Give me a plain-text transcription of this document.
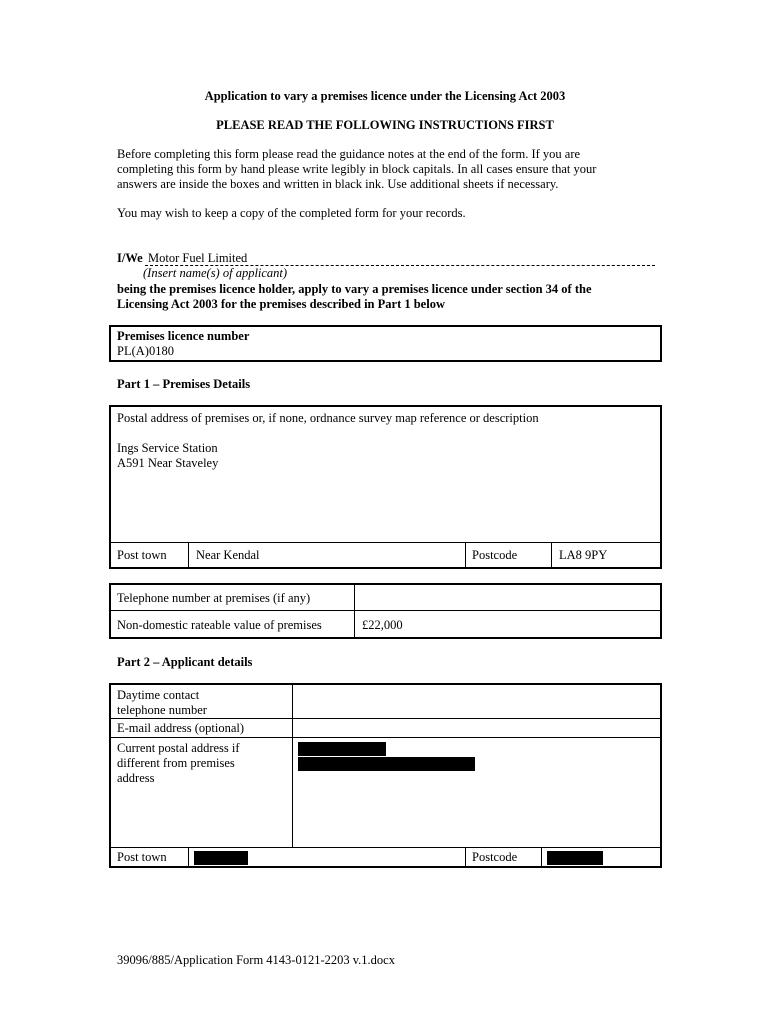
Application to vary a premises licence under the Licensing Act 2003
PLEASE READ THE FOLLOWING INSTRUCTIONS FIRST
Before completing this form please read the guidance notes at the end of the form. If you are
completing this form by hand please write legibly in block capitals. In all cases ensure that your
answers are inside the boxes and written in black ink. Use additional sheets if necessary.
You may wish to keep a copy of the completed form for your records.
I/We Motor Fuel Limited
(Insert name(s) of applicant)
being the premises licence holder, apply to vary a premises licence under section 34 of the
Licensing Act 2003 for the premises described in Part 1 below
Premises licence number
PL(A)0180
Part 1 – Premises Details
Postal address of premises or, if none, ordnance survey map reference or description
Ings Service Station
A591 Near Staveley
Post town Near Kendal	Postcode	LA8 9PY
Telephone number at premises (if any)
Non-domestic rateable value of premises	£22,000
Part 2 – Applicant details
Daytime contact
telephone number
E-mail address (optional)
Current postal address if
different from premises
address
Post town	Postcode
39096/885/Application Form 4143-0121-2203 v.1.docx
